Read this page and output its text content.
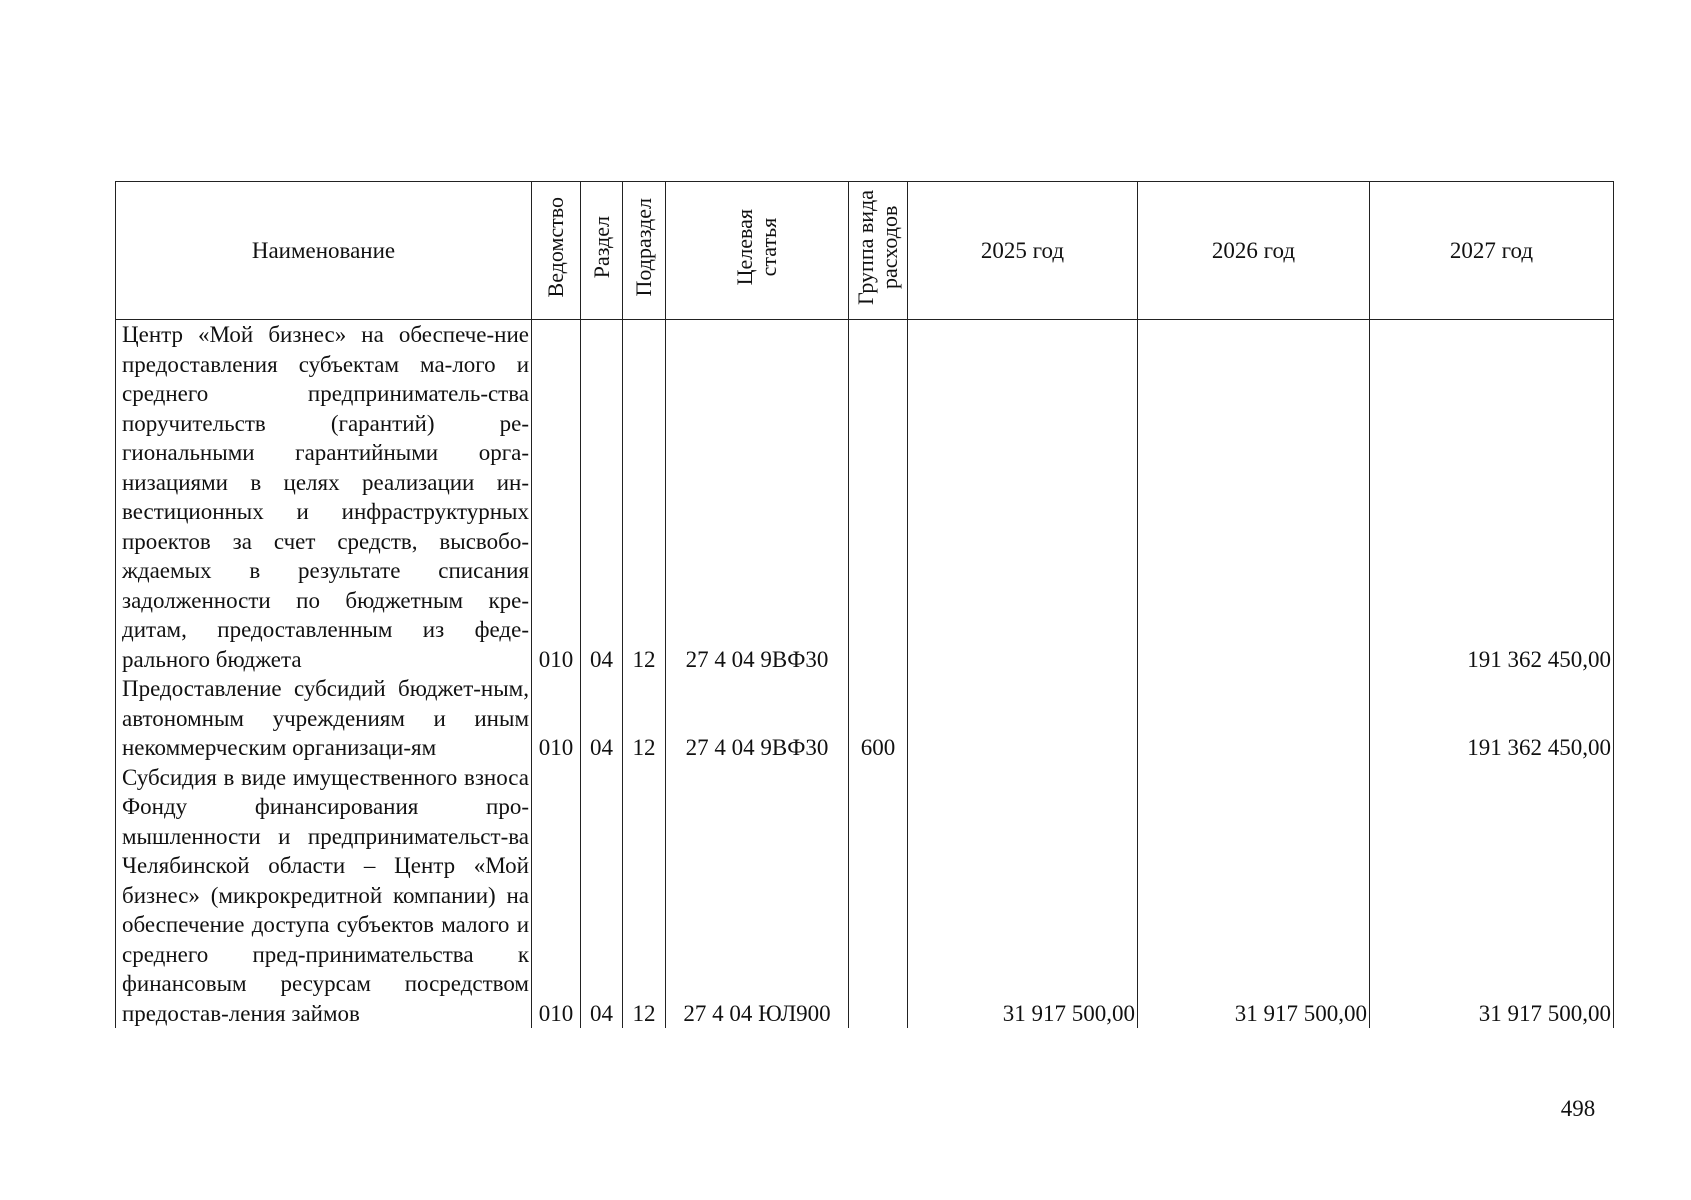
Наименование	Ведомство	Раздел	Подраздел	Целевая статья	Группа вида расходов	2025 год	2026 год	2027 год
Центр «Мой бизнес» на обеспече-ние предоставления субъектам ма-лого и среднего предприниматель-ства поручительств (гарантий) ре-гиональными гарантийными орга-низациями в целях реализации ин-вестиционных и инфраструктурных проектов за счет средств, высвобо-ждаемых в результате списания задолженности по бюджетным кре-дитам, предоставленным из феде-рального бюджета	010	04	12	27 4 04 9ВФ30				191 362 450,00
Предоставление субсидий бюджет-ным, автономным учреждениям и иным некоммерческим организаци-ям	010	04	12	27 4 04 9ВФ30	600			191 362 450,00
Субсидия в виде имущественного взноса Фонду финансирования про-мышленности и предпринимательст-ва Челябинской области – Центр «Мой бизнес» (микрокредитной компании) на обеспечение доступа субъектов малого и среднего пред-принимательства к финансовым ресурсам посредством предостав-ления займов	010	04	12	27 4 04 ЮЛ900		31 917 500,00	31 917 500,00	31 917 500,00
498
